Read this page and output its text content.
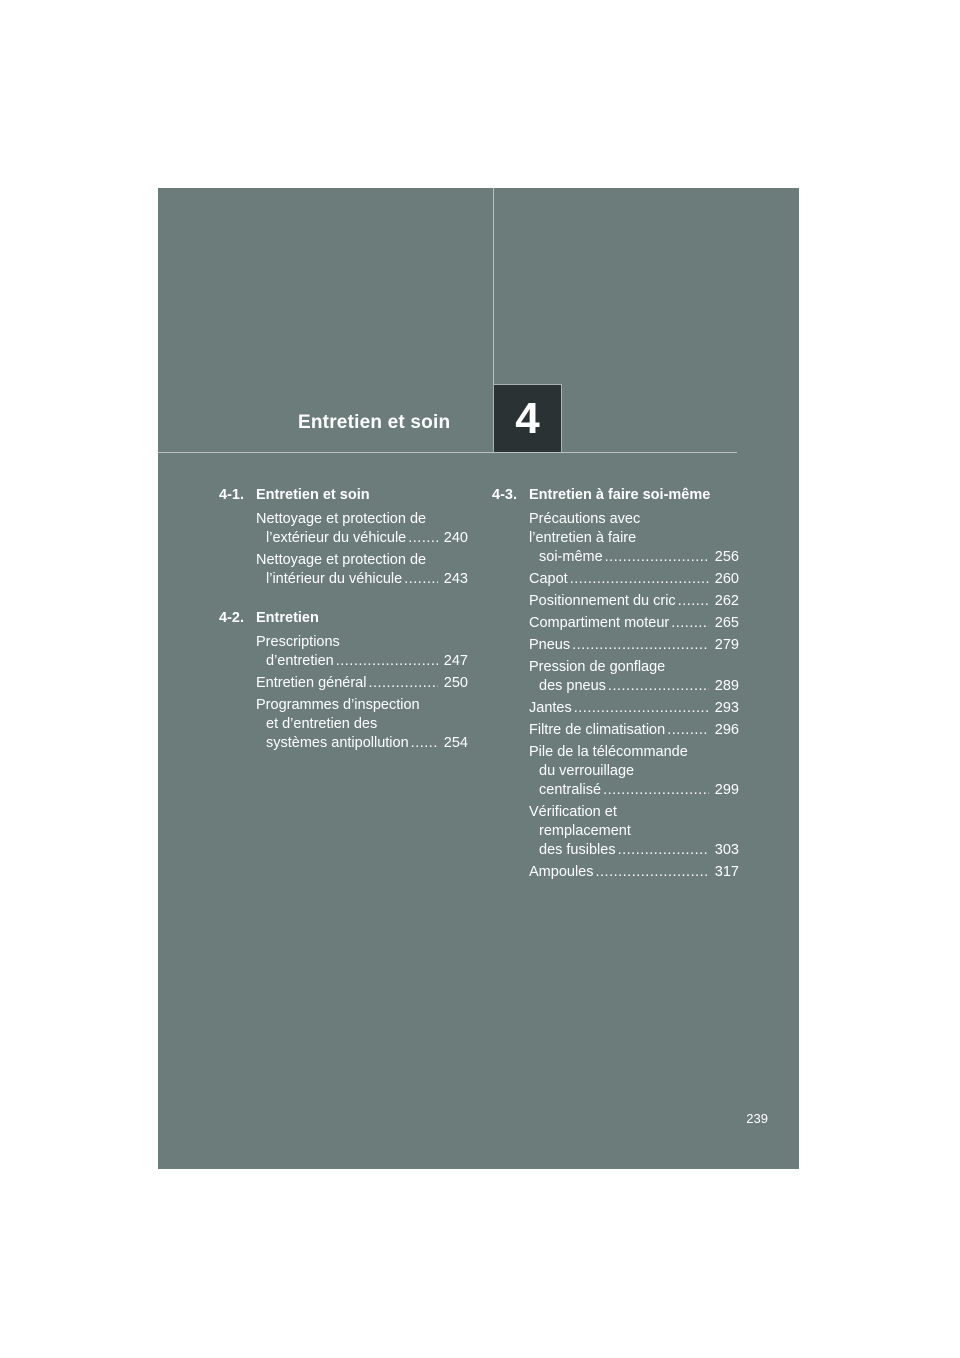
Entretien et soin	4
4-1. Entretien et soin
Nettoyage et protection de
l’extérieur du véhicule .....	240
Nettoyage et protection de
l’intérieur du véhicule .....	243
4-2. Entretien
Prescriptions
d’entretien .....	247
Entretien général .....	250
Programmes d’inspection
et d’entretien des
systèmes antipollution ..... 254
4-3. Entretien à faire soi-même
Précautions avec
l’entretien à faire
soi-même .....	256
Capot .....	260
Positionnement du cric .....	262
Compartiment moteur .....	265
Pneus .....	279
Pression de gonflage
des pneus .....	289
Jantes .....	293
Filtre de climatisation .....	296
Pile de la télécommande
du verrouillage
centralisé .....	299
Vérification et
remplacement
des fusibles .....	303
Ampoules .....	317
239
